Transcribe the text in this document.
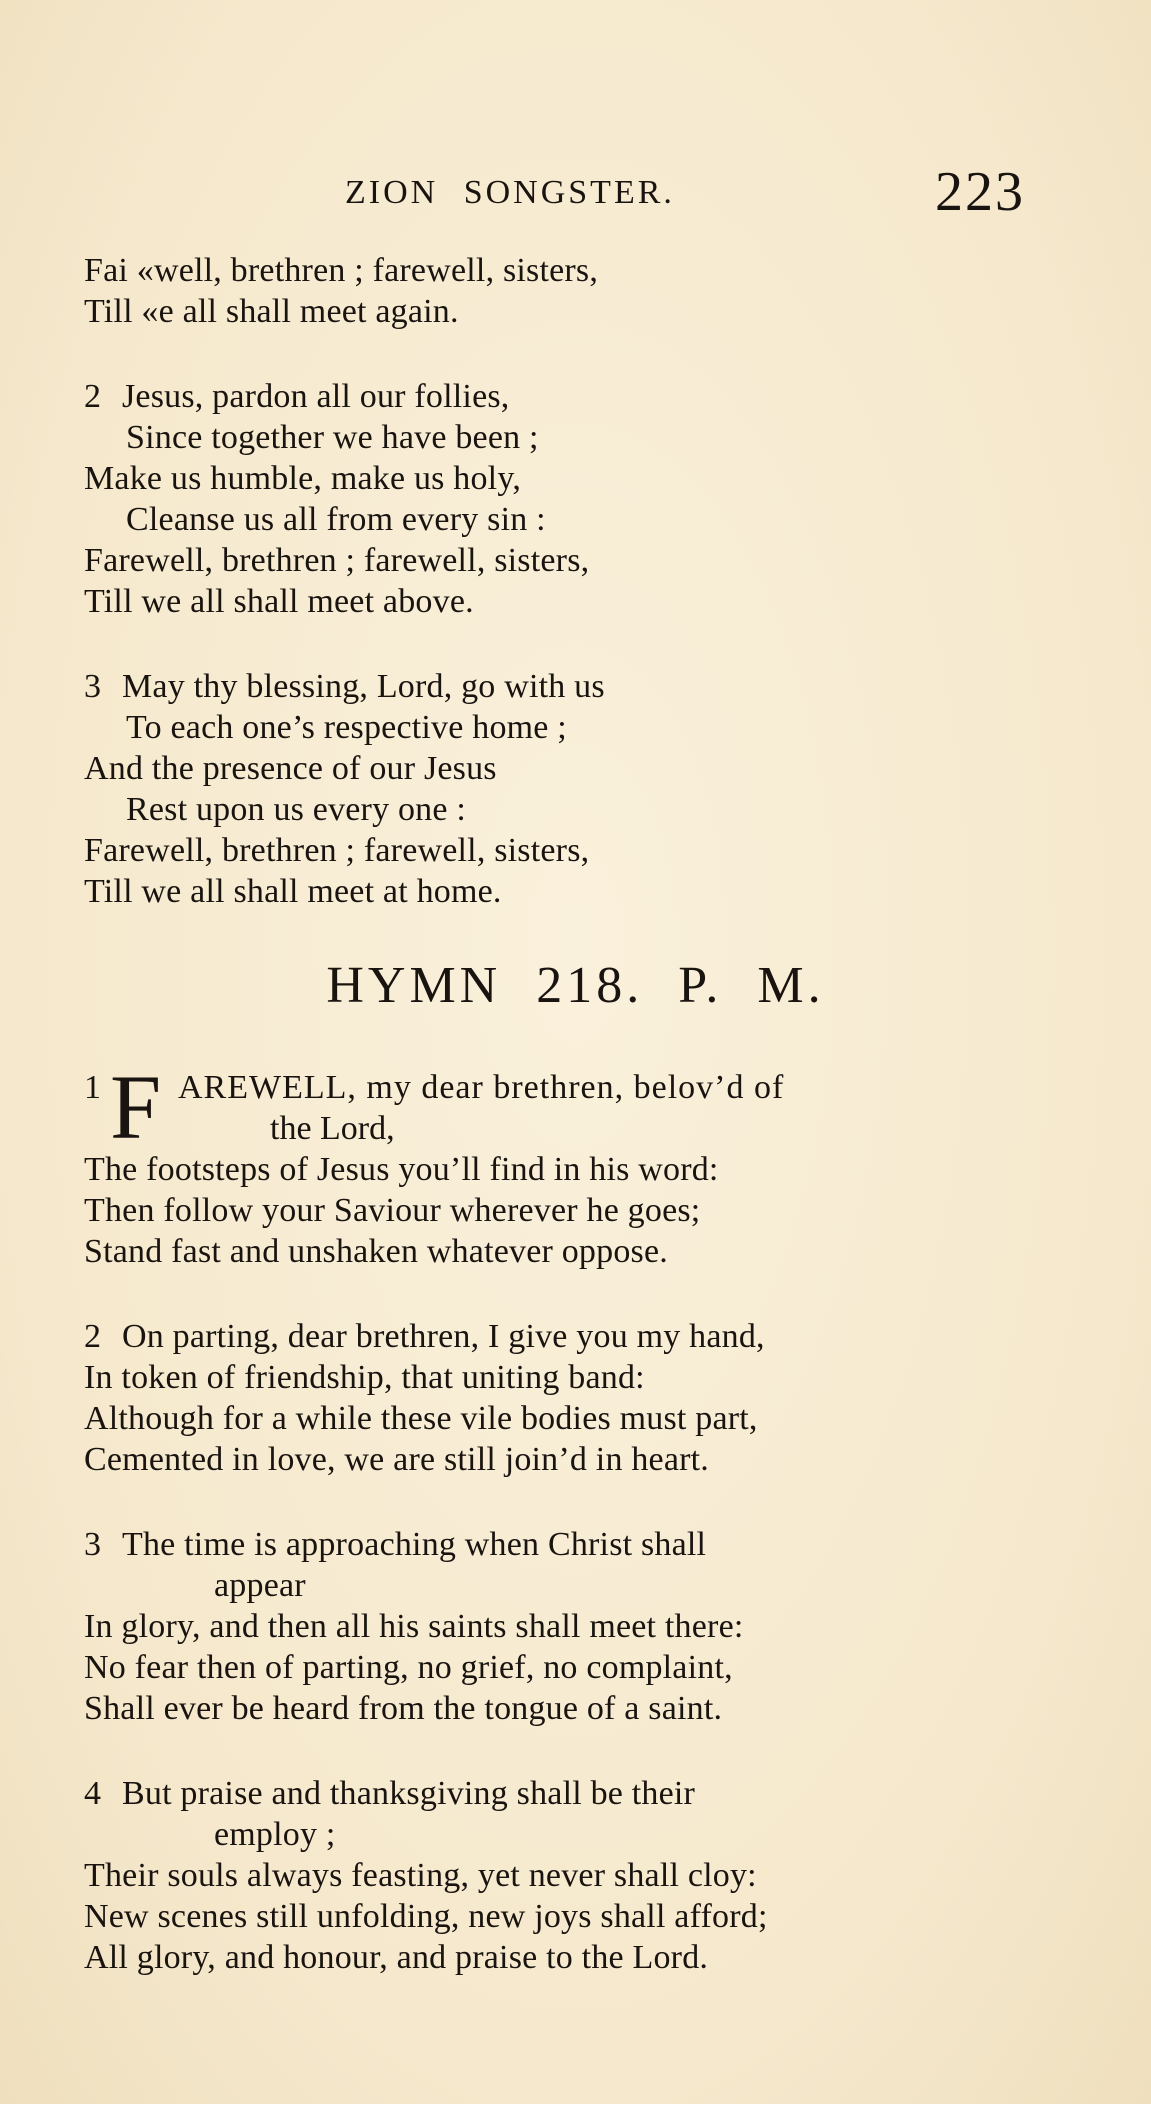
ZION SONGSTER.	223
Fai «well, brethren ; farewell, sisters,
Till «e all shall meet again.
2 Jesus, pardon all our follies,
Since together we have been ;
Make us humble, make us holy,
Cleanse us all from every sin :
Farewell, brethren ; farewell, sisters,
Till we all shall meet above.
3 May thy blessing, Lord, go with us
To each one’s respective home ;
And the presence of our Jesus
Rest upon us every one :
Farewell, brethren ; farewell, sisters,
Till we all shall meet at home.
HYMN 218. P. M.
1 F AREWELL, my dear brethren, belov’d of
the Lord,
The footsteps of Jesus you’ll find in his word:
Then follow your Saviour wherever he goes;
Stand fast and unshaken whatever oppose.
2 On parting, dear brethren, I give you my hand,
In token of friendship, that uniting band:
Although for a while these vile bodies must part,
Cemented in love, we are still join’d in heart.
3 The time is approaching when Christ shall
appear
In glory, and then all his saints shall meet there:
No fear then of parting, no grief, no complaint,
Shall ever be heard from the tongue of a saint.
4 But praise and thanksgiving shall be their
employ ;
Their souls always feasting, yet never shall cloy:
New scenes still unfolding, new joys shall afford;
All glory, and honour, and praise to the Lord.
